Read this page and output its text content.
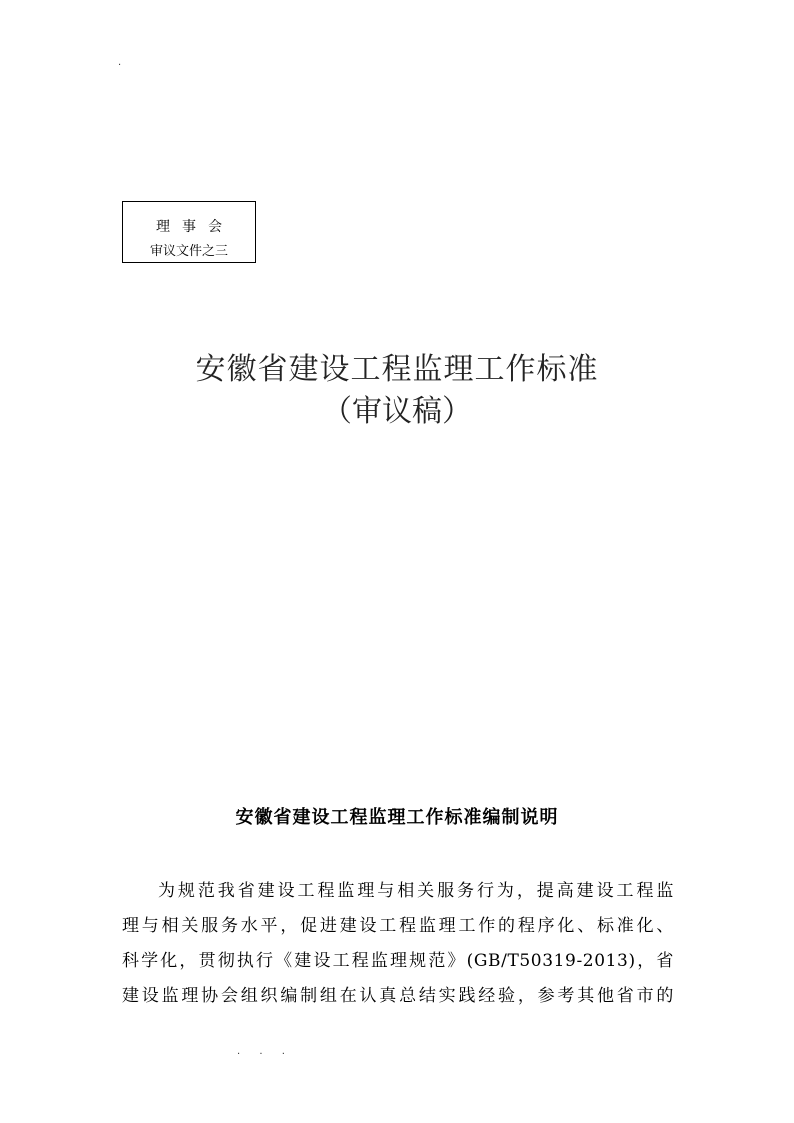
.
理事会
审议文件之三
安徽省建设工程监理工作标准
（审议稿）
安徽省建设工程监理工作标准编制说明
为规范我省建设工程监理与相关服务行为，提高建设工程监
理与相关服务水平，促进建设工程监理工作的程序化、标准化、
科学化，贯彻执行《建设工程监理规范》(GB/T50319-2013)，省
建设监理协会组织编制组在认真总结实践经验，参考其他省市的
. . .
